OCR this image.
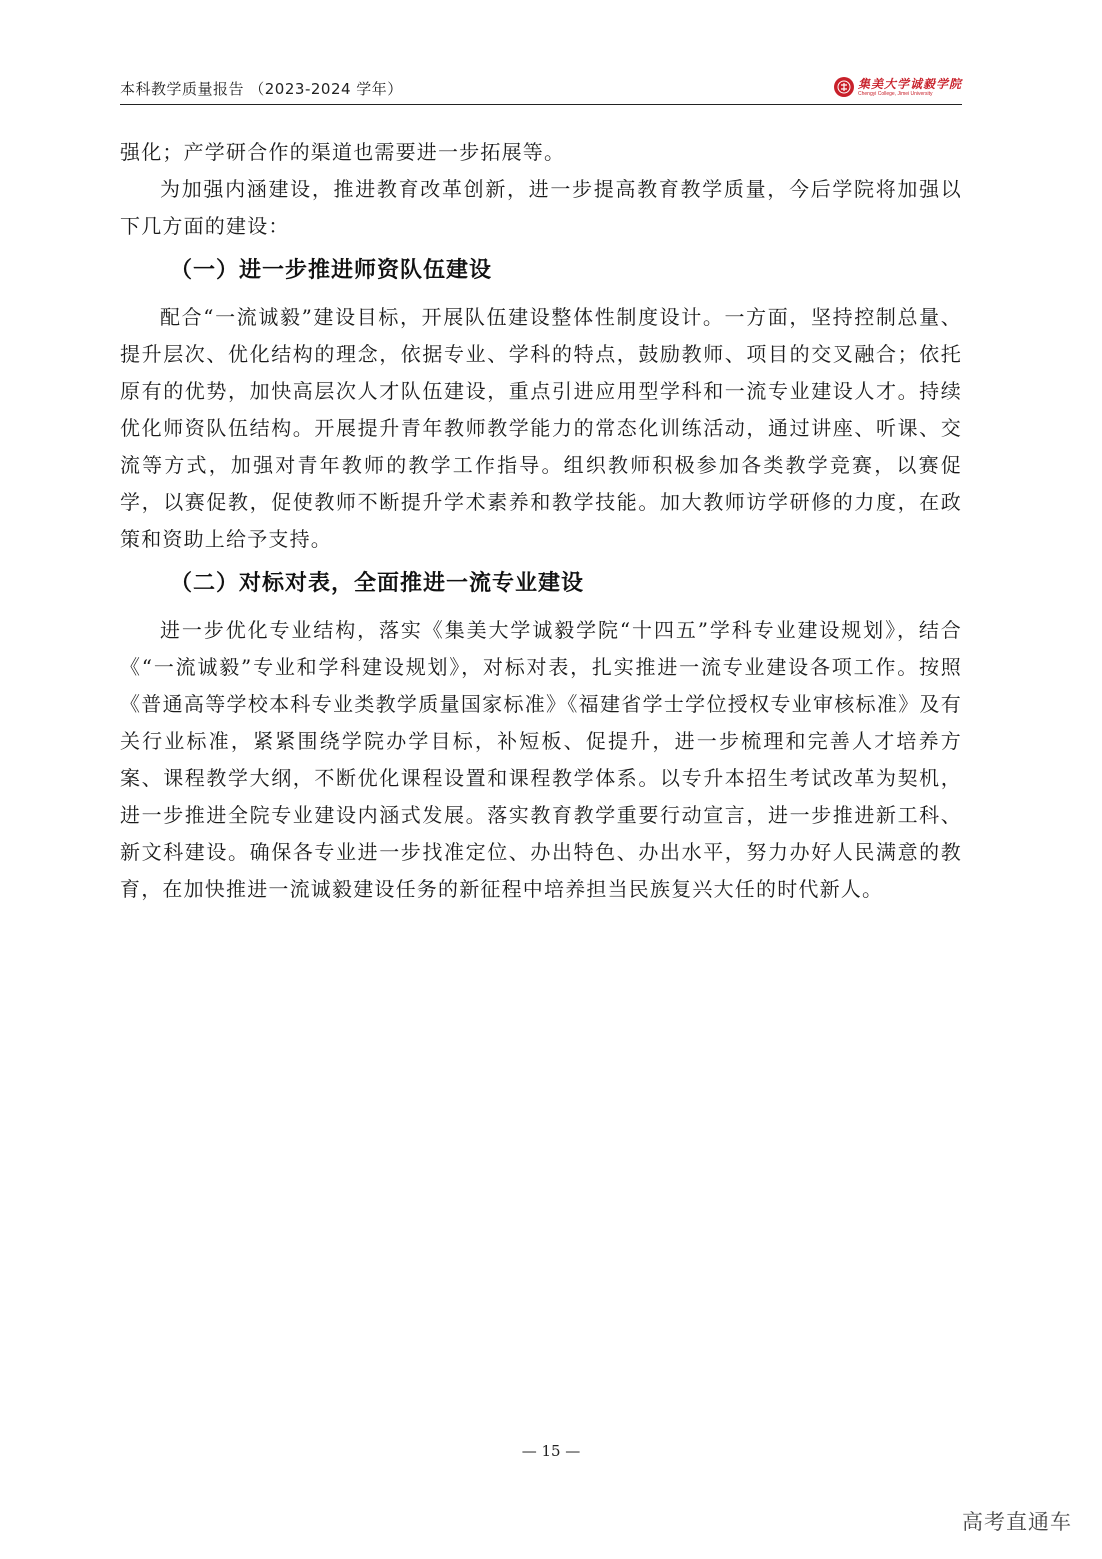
本科教学质量报告 （2023-2024 学年）	集美大学诚毅学院
Chengyi College, Jimei University

强化；产学研合作的渠道也需要进一步拓展等。

为加强内涵建设，推进教育改革创新，进一步提高教育教学质量，今后学院将加强以下几方面的建设：

（一）进一步推进师资队伍建设

配合“一流诚毅”建设目标，开展队伍建设整体性制度设计。一方面，坚持控制总量、提升层次、优化结构的理念，依据专业、学科的特点，鼓励教师、项目的交叉融合；依托原有的优势，加快高层次人才队伍建设，重点引进应用型学科和一流专业建设人才。持续优化师资队伍结构。开展提升青年教师教学能力的常态化训练活动，通过讲座、听课、交流等方式，加强对青年教师的教学工作指导。组织教师积极参加各类教学竞赛，以赛促学，以赛促教，促使教师不断提升学术素养和教学技能。加大教师访学研修的力度，在政策和资助上给予支持。

（二）对标对表，全面推进一流专业建设

进一步优化专业结构，落实《集美大学诚毅学院“十四五”学科专业建设规划》，结合《“一流诚毅”专业和学科建设规划》，对标对表，扎实推进一流专业建设各项工作。按照《普通高等学校本科专业类教学质量国家标准》《福建省学士学位授权专业审核标准》及有关行业标准，紧紧围绕学院办学目标，补短板、促提升，进一步梳理和完善人才培养方案、课程教学大纲，不断优化课程设置和课程教学体系。以专升本招生考试改革为契机，进一步推进全院专业建设内涵式发展。落实教育教学重要行动宣言，进一步推进新工科、新文科建设。确保各专业进一步找准定位、办出特色、办出水平，努力办好人民满意的教育，在加快推进一流诚毅建设任务的新征程中培养担当民族复兴大任的时代新人。

— 15 —
高考直通车
